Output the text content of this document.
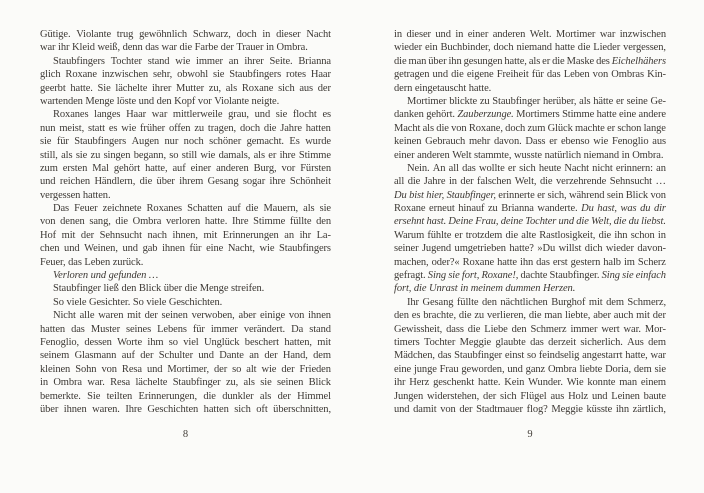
Gütige. Violante trug gewöhnlich Schwarz, doch in dieser Nacht
war ihr Kleid weiß, denn das war die Farbe der Trauer in Ombra.
Staubfingers Tochter stand wie immer an ihrer Seite. Brianna
glich Roxane inzwischen sehr, obwohl sie Staubfingers rotes Haar
geerbt hatte. Sie lächelte ihrer Mutter zu, als Roxane sich aus der
wartenden Menge löste und den Kopf vor Violante neigte.
Roxanes langes Haar war mittlerweile grau, und sie flocht es
nun meist, statt es wie früher offen zu tragen, doch die Jahre hatten
sie für Staubfingers Augen nur noch schöner gemacht. Es wurde
still, als sie zu singen begann, so still wie damals, als er ihre Stimme
zum ersten Mal gehört hatte, auf einer anderen Burg, vor Fürsten
und reichen Händlern, die über ihrem Gesang sogar ihre Schönheit
vergessen hatten.
Das Feuer zeichnete Roxanes Schatten auf die Mauern, als sie
von denen sang, die Ombra verloren hatte. Ihre Stimme füllte den
Hof mit der Sehnsucht nach ihnen, mit Erinnerungen an ihr La-
chen und Weinen, und gab ihnen für eine Nacht, wie Staubfingers
Feuer, das Leben zurück.
Verloren und gefunden …
Staubfinger ließ den Blick über die Menge streifen.
So viele Gesichter. So viele Geschichten.
Nicht alle waren mit der seinen verwoben, aber einige von ihnen
hatten das Muster seines Lebens für immer verändert. Da stand
Fenoglio, dessen Worte ihm so viel Unglück beschert hatten, mit
seinem Glasmann auf der Schulter und Dante an der Hand, dem
kleinen Sohn von Resa und Mortimer, der so alt wie der Frieden
in Ombra war. Resa lächelte Staubfinger zu, als sie seinen Blick
bemerkte. Sie teilten Erinnerungen, die dunkler als der Himmel
über ihnen waren. Ihre Geschichten hatten sich oft überschnitten,
8
in dieser und in einer anderen Welt. Mortimer war inzwischen
wieder ein Buchbinder, doch niemand hatte die Lieder vergessen,
die man über ihn gesungen hatte, als er die Maske des Eichelhähers
getragen und die eigene Freiheit für das Leben von Ombras Kin-
dern eingetauscht hatte.
Mortimer blickte zu Staubfinger herüber, als hätte er seine Ge-
danken gehört. Zauberzunge. Mortimers Stimme hatte eine andere
Macht als die von Roxane, doch zum Glück machte er schon lange
keinen Gebrauch mehr davon. Dass er ebenso wie Fenoglio aus
einer anderen Welt stammte, wusste natürlich niemand in Ombra.
Nein. An all das wollte er sich heute Nacht nicht erinnern: an
all die Jahre in der falschen Welt, die verzehrende Sehnsucht …
Du bist hier, Staubfinger, erinnerte er sich, während sein Blick von
Roxane erneut hinauf zu Brianna wanderte. Du hast, was du dir
ersehnt hast. Deine Frau, deine Tochter und die Welt, die du liebst.
Warum fühlte er trotzdem die alte Rastlosigkeit, die ihn schon in
seiner Jugend umgetrieben hatte? »Du willst dich wieder davon-
machen, oder?« Roxane hatte ihn das erst gestern halb im Scherz
gefragt. Sing sie fort, Roxane!, dachte Staubfinger. Sing sie einfach
fort, die Unrast in meinem dummen Herzen.
Ihr Gesang füllte den nächtlichen Burghof mit dem Schmerz,
den es brachte, die zu verlieren, die man liebte, aber auch mit der
Gewissheit, dass die Liebe den Schmerz immer wert war. Mor-
timers Tochter Meggie glaubte das derzeit sicherlich. Aus dem
Mädchen, das Staubfinger einst so feindselig angestarrt hatte, war
eine junge Frau geworden, und ganz Ombra liebte Doria, dem sie
ihr Herz geschenkt hatte. Kein Wunder. Wie konnte man einem
Jungen widerstehen, der sich Flügel aus Holz und Leinen baute
und damit von der Stadtmauer flog? Meggie küsste ihn zärtlich,
9
